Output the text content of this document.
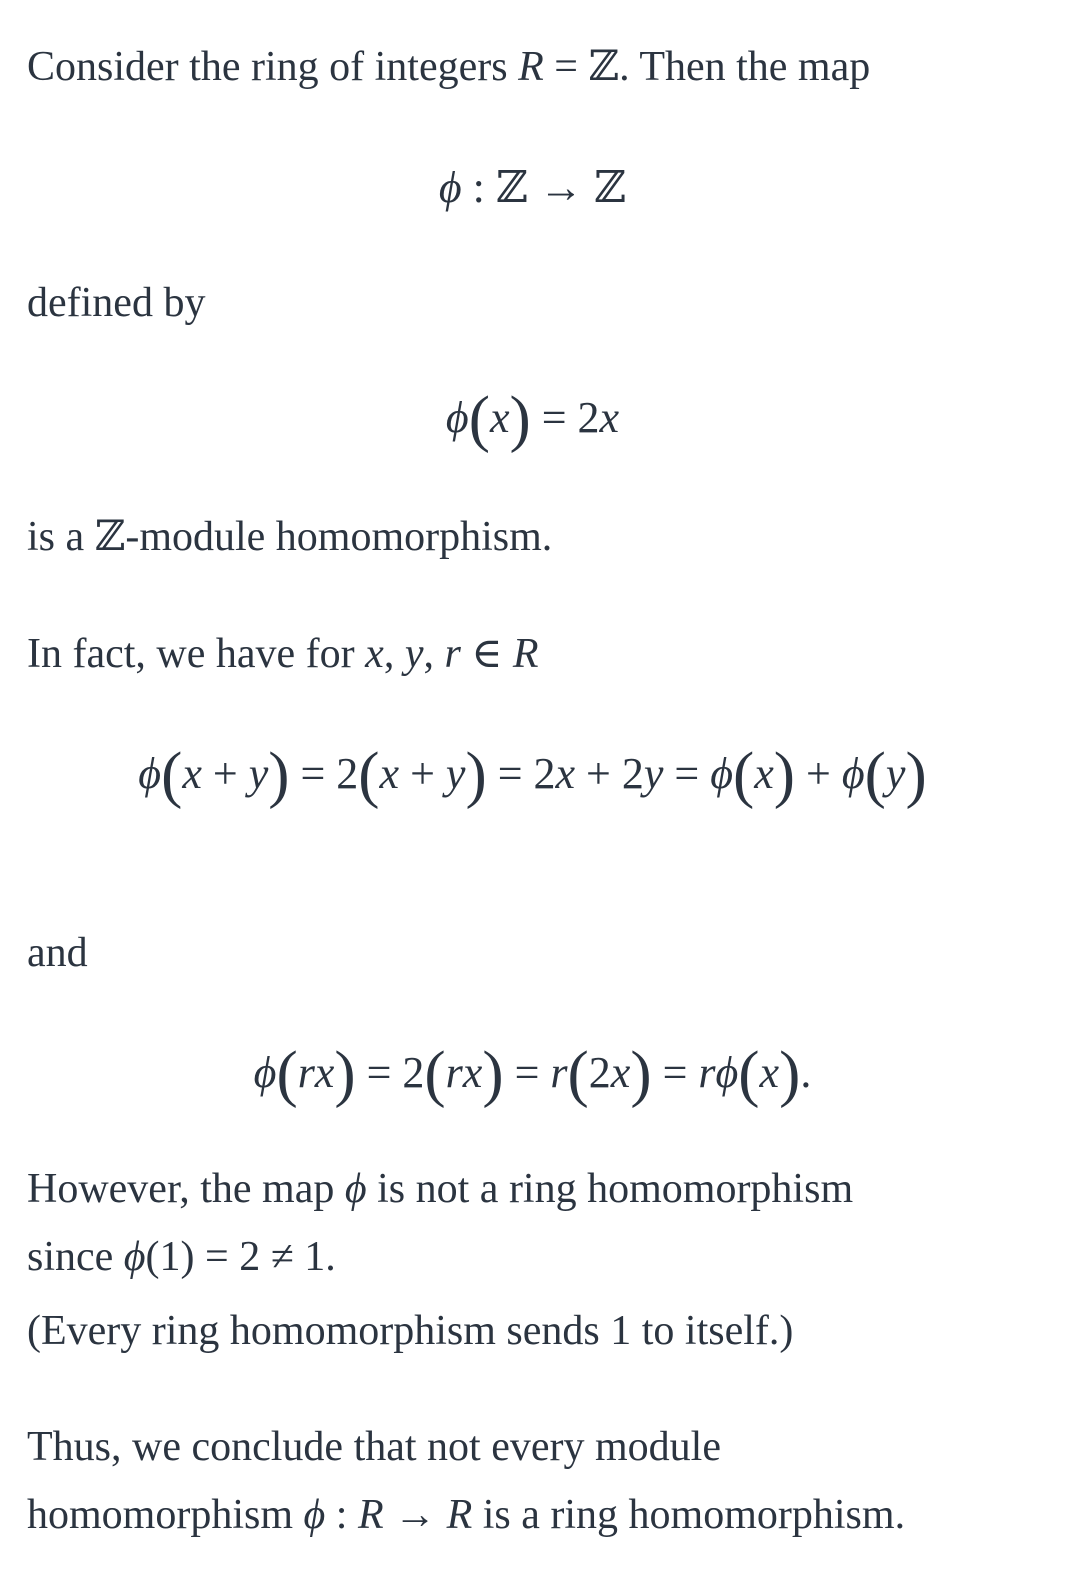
Consider the ring of integers R = ℤ. Then the map
ϕ : ℤ → ℤ
defined by
ϕ(x) = 2x
is a ℤ-module homomorphism.
In fact, we have for x, y, r ∈ R
ϕ(x + y) = 2(x + y) = 2x + 2y = ϕ(x) + ϕ(y)
and
ϕ(rx) = 2(rx) = r(2x) = rϕ(x).
However, the map ϕ is not a ring homomorphism
since ϕ(1) = 2 ≠ 1.
(Every ring homomorphism sends 1 to itself.)
Thus, we conclude that not every module
homomorphism ϕ : R → R is a ring homomorphism.
